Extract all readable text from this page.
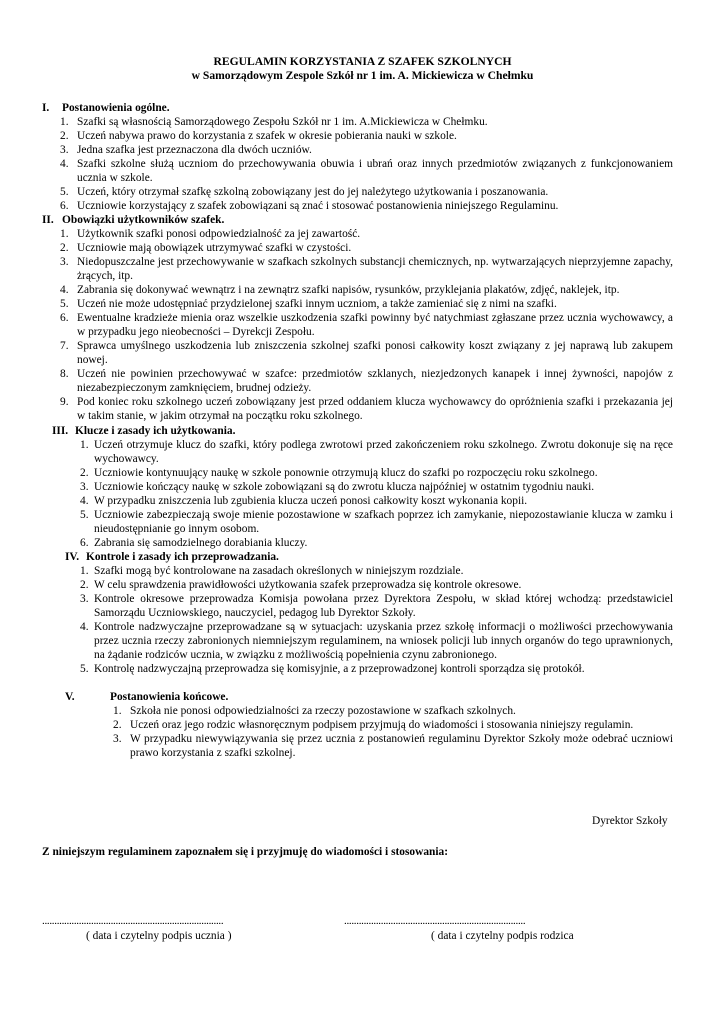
REGULAMIN KORZYSTANIA Z SZAFEK SZKOLNYCH
w Samorządowym Zespole Szkół nr 1 im. A. Mickiewicza w Chełmku
I. Postanowienia ogólne.
1. Szafki są własnością Samorządowego Zespołu Szkół nr 1 im. A.Mickiewicza w Chełmku.
2. Uczeń nabywa prawo do korzystania z szafek w okresie pobierania nauki w szkole.
3. Jedna szafka jest przeznaczona dla dwóch uczniów.
4. Szafki szkolne służą uczniom do przechowywania obuwia i ubrań oraz innych przedmiotów związanych z funkcjonowaniem ucznia w szkole.
5. Uczeń, który otrzymał szafkę szkolną zobowiązany jest do jej należytego użytkowania i poszanowania.
6. Uczniowie korzystający z szafek zobowiązani są znać i stosować postanowienia niniejszego Regulaminu.
II. Obowiązki użytkowników szafek.
1. Użytkownik szafki ponosi odpowiedzialność za jej zawartość.
2. Uczniowie mają obowiązek utrzymywać szafki w czystości.
3. Niedopuszczalne jest przechowywanie w szafkach szkolnych substancji chemicznych, np. wytwarzających nieprzyjemne zapachy, żrących, itp.
4. Zabrania się dokonywać wewnątrz i na zewnątrz szafki napisów, rysunków, przyklejania plakatów, zdjęć, naklejek, itp.
5. Uczeń nie może udostępniać przydzielonej szafki innym uczniom, a także zamieniać się z nimi na szafki.
6. Ewentualne kradzieże mienia oraz wszelkie uszkodzenia szafki powinny być natychmiast zgłaszane przez ucznia wychowawcy, a w przypadku jego nieobecności – Dyrekcji Zespołu.
7. Sprawca umyślnego uszkodzenia lub zniszczenia szkolnej szafki ponosi całkowity koszt związany z jej naprawą lub zakupem nowej.
8. Uczeń nie powinien przechowywać w szafce: przedmiotów szklanych, niezjedzonych kanapek i innej żywności, napojów z niezabezpieczonym zamknięciem, brudnej odzieży.
9. Pod koniec roku szkolnego uczeń zobowiązany jest przed oddaniem klucza wychowawcy do opróżnienia szafki i przekazania jej w takim stanie, w jakim otrzymał na początku roku szkolnego.
III. Klucze i zasady ich użytkowania.
1. Uczeń otrzymuje klucz do szafki, który podlega zwrotowi przed zakończeniem roku szkolnego. Zwrotu dokonuje się na ręce wychowawcy.
2. Uczniowie kontynuujący naukę w szkole ponownie otrzymują klucz do szafki po rozpoczęciu roku szkolnego.
3. Uczniowie kończący naukę w szkole zobowiązani są do zwrotu klucza najpóźniej w ostatnim tygodniu nauki.
4. W przypadku zniszczenia lub zgubienia klucza uczeń ponosi całkowity koszt wykonania kopii.
5. Uczniowie zabezpieczają swoje mienie pozostawione w szafkach poprzez ich zamykanie, niepozostawianie klucza w zamku i nieudostępnianie go innym osobom.
6. Zabrania się samodzielnego dorabiania kluczy.
IV. Kontrole i zasady ich przeprowadzania.
1. Szafki mogą być kontrolowane na zasadach określonych w niniejszym rozdziale.
2. W celu sprawdzenia prawidłowości użytkowania szafek przeprowadza się kontrole okresowe.
3. Kontrole okresowe przeprowadza Komisja powołana przez Dyrektora Zespołu, w skład której wchodzą: przedstawiciel Samorządu Uczniowskiego, nauczyciel, pedagog lub Dyrektor Szkoły.
4. Kontrole nadzwyczajne przeprowadzane są w sytuacjach: uzyskania przez szkołę informacji o możliwości przechowywania przez ucznia rzeczy zabronionych niemniejszym regulaminem, na wniosek policji lub innych organów do tego uprawnionych, na żądanie rodziców ucznia, w związku z możliwością popełnienia czynu zabronionego.
5. Kontrolę nadzwyczajną przeprowadza się komisyjnie, a z przeprowadzonej kontroli sporządza się protokół.
V.	Postanowienia końcowe.
1. Szkoła nie ponosi odpowiedzialności za rzeczy pozostawione w szafkach szkolnych.
2. Uczeń oraz jego rodzic własnoręcznym podpisem przyjmują do wiadomości i stosowania niniejszy regulamin.
3. W przypadku niewywiązywania się przez ucznia z postanowień regulaminu Dyrektor Szkoły może odebrać uczniowi prawo korzystania z szafki szkolnej.
Dyrektor Szkoły
Z niniejszym regulaminem zapoznałem się i przyjmuję do wiadomości i stosowania:
..........................................................................	..........................................................................
( data i czytelny podpis ucznia )	( data i czytelny podpis rodzica
